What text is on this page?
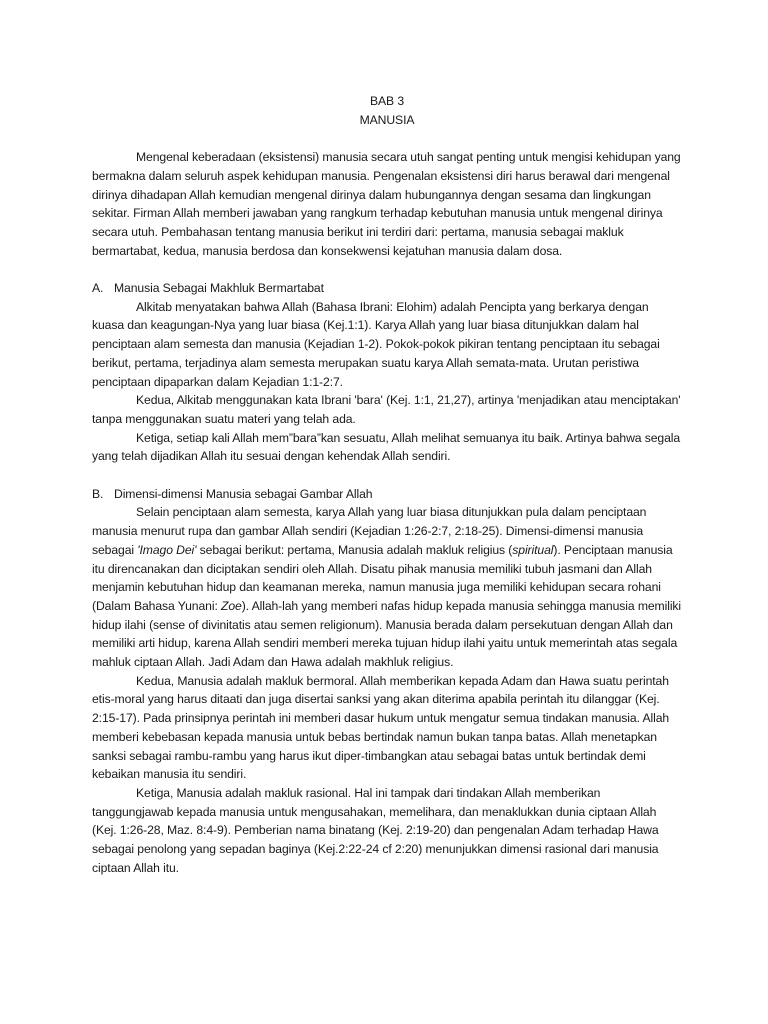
BAB 3

MANUSIA

Mengenal keberadaan (eksistensi) manusia secara utuh sangat penting untuk mengisi kehidupan yang bermakna dalam seluruh aspek kehidupan manusia. Pengenalan eksistensi diri harus berawal dari mengenal dirinya dihadapan Allah kemudian mengenal dirinya dalam hubungannya dengan sesama dan lingkungan sekitar. Firman Allah memberi jawaban yang rangkum terhadap kebutuhan manusia untuk mengenal dirinya secara utuh. Pembahasan tentang manusia berikut ini terdiri dari: pertama, manusia sebagai makluk bermartabat, kedua, manusia berdosa dan konsekwensi kejatuhan manusia dalam dosa.

A. Manusia Sebagai Makhluk Bermartabat

Alkitab menyatakan bahwa Allah (Bahasa Ibrani: Elohim) adalah Pencipta yang berkarya dengan kuasa dan keagungan-Nya yang luar biasa (Kej.1:1). Karya Allah yang luar biasa ditunjukkan dalam hal penciptaan alam semesta dan manusia (Kejadian 1-2). Pokok-pokok pikiran tentang penciptaan itu sebagai berikut, pertama, terjadinya alam semesta merupakan suatu karya Allah semata-mata. Urutan peristiwa penciptaan dipaparkan dalam Kejadian 1:1-2:7.

Kedua, Alkitab menggunakan kata Ibrani 'bara' (Kej. 1:1, 21,27), artinya 'menjadikan atau menciptakan' tanpa menggunakan suatu materi yang telah ada.

Ketiga, setiap kali Allah mem”bara”kan sesuatu, Allah melihat semuanya itu baik. Artinya bahwa segala yang telah dijadikan Allah itu sesuai dengan kehendak Allah sendiri.

B. Dimensi-dimensi Manusia sebagai Gambar Allah

Selain penciptaan alam semesta, karya Allah yang luar biasa ditunjukkan pula dalam penciptaan manusia menurut rupa dan gambar Allah sendiri (Kejadian 1:26-2:7, 2:18-25). Dimensi-dimensi manusia sebagai 'Imago Dei' sebagai berikut: pertama, Manusia adalah makluk religius (spiritual). Penciptaan manusia itu direncanakan dan diciptakan sendiri oleh Allah. Disatu pihak manusia memiliki tubuh jasmani dan Allah menjamin kebutuhan hidup dan keamanan mereka, namun manusia juga memiliki kehidupan secara rohani (Dalam Bahasa Yunani: Zoe). Allah-lah yang memberi nafas hidup kepada manusia sehingga manusia memiliki hidup ilahi (sense of divinitatis atau semen religionum). Manusia berada dalam persekutuan dengan Allah dan memiliki arti hidup, karena Allah sendiri memberi mereka tujuan hidup ilahi yaitu untuk memerintah atas segala mahluk ciptaan Allah. Jadi Adam dan Hawa adalah makhluk religius.

Kedua, Manusia adalah makluk bermoral. Allah memberikan kepada Adam dan Hawa suatu perintah etis-moral yang harus ditaati dan juga disertai sanksi yang akan diterima apabila perintah itu dilanggar (Kej. 2:15-17). Pada prinsipnya perintah ini memberi dasar hukum untuk mengatur semua tindakan manusia. Allah memberi kebebasan kepada manusia untuk bebas bertindak namun bukan tanpa batas. Allah menetapkan sanksi sebagai rambu-rambu yang harus ikut diper-timbangkan atau sebagai batas untuk bertindak demi kebaikan manusia itu sendiri.

Ketiga, Manusia adalah makluk rasional. Hal ini tampak dari tindakan Allah memberikan tanggungjawab kepada manusia untuk mengusahakan, memelihara, dan menaklukkan dunia ciptaan Allah (Kej. 1:26-28, Maz. 8:4-9). Pemberian nama binatang (Kej. 2:19-20) dan pengenalan Adam terhadap Hawa sebagai penolong yang sepadan baginya (Kej.2:22-24 cf 2:20) menunjukkan dimensi rasional dari manusia ciptaan Allah itu.
